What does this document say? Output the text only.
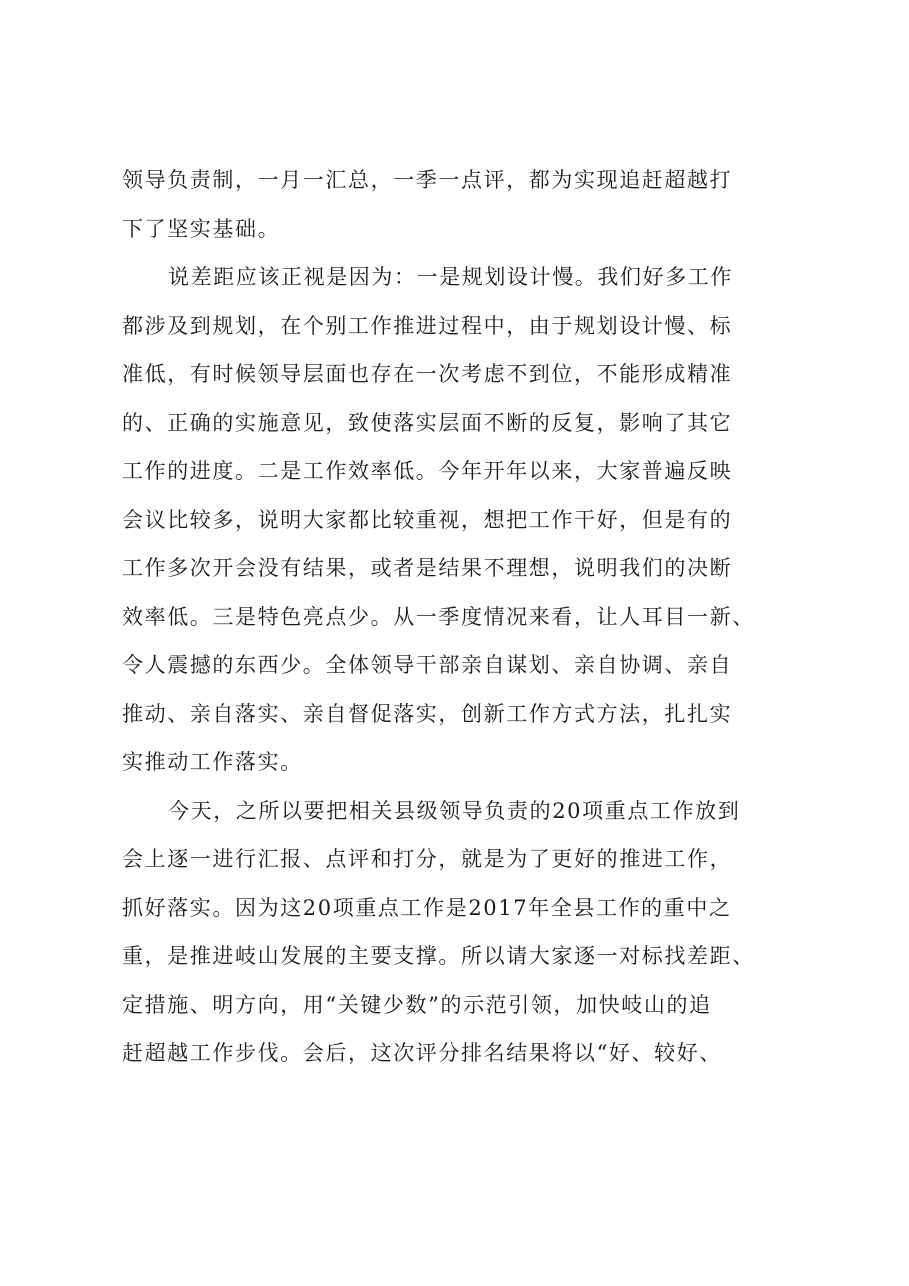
领导负责制，一月一汇总，一季一点评，都为实现追赶超越打
下了坚实基础。
说差距应该正视是因为：一是规划设计慢。我们好多工作
都涉及到规划，在个别工作推进过程中，由于规划设计慢、标
准低，有时候领导层面也存在一次考虑不到位，不能形成精准
的、正确的实施意见，致使落实层面不断的反复，影响了其它
工作的进度。二是工作效率低。今年开年以来，大家普遍反映
会议比较多，说明大家都比较重视，想把工作干好，但是有的
工作多次开会没有结果，或者是结果不理想，说明我们的决断
效率低。三是特色亮点少。从一季度情况来看，让人耳目一新、
令人震撼的东西少。全体领导干部亲自谋划、亲自协调、亲自
推动、亲自落实、亲自督促落实，创新工作方式方法，扎扎实
实推动工作落实。
今天，之所以要把相关县级领导负责的20项重点工作放到
会上逐一进行汇报、点评和打分，就是为了更好的推进工作，
抓好落实。因为这20项重点工作是2017年全县工作的重中之
重，是推进岐山发展的主要支撑。所以请大家逐一对标找差距、
定措施、明方向，用“关键少数”的示范引领，加快岐山的追
赶超越工作步伐。会后，这次评分排名结果将以“好、较好、
